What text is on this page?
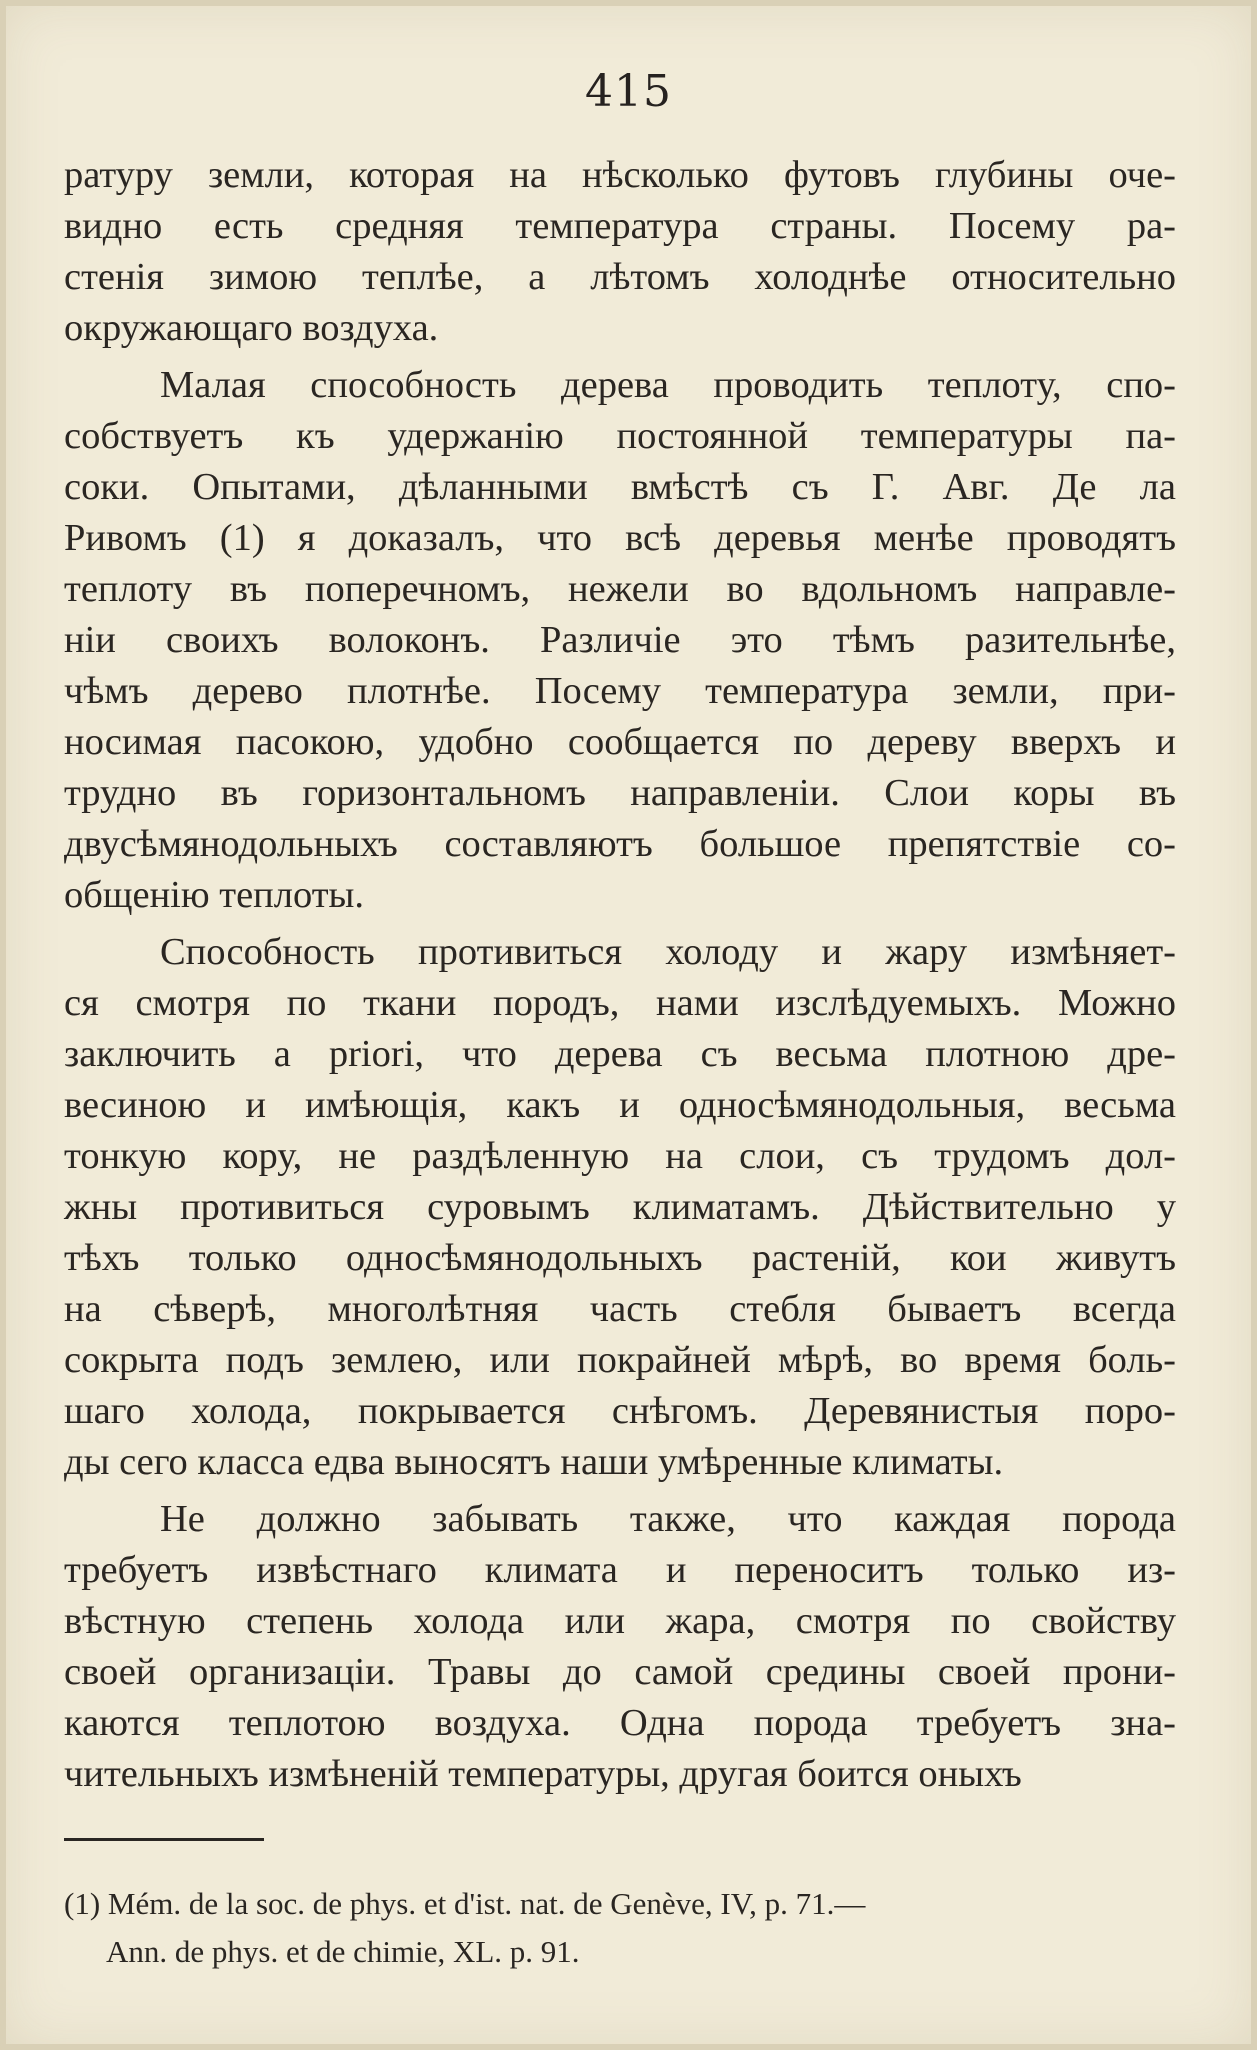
415
ратуру земли, которая на нѣсколько футовъ глубины оче-
видно есть средняя температура страны. Посему ра-
стенія зимою теплѣе, а лѣтомъ холоднѣе относительно
окружающаго воздуха.
Малая способность дерева проводить теплоту, спо-
собствуетъ къ удержанію постоянной температуры па-
соки. Опытами, дѣланными вмѣстѣ съ Г. Авг. Де ла
Ривомъ (1) я доказалъ, что всѣ деревья менѣе проводятъ
теплоту въ поперечномъ, нежели во вдольномъ направле-
ніи своихъ волоконъ. Различіе это тѣмъ разительнѣе,
чѣмъ дерево плотнѣе. Посему температура земли, при-
носимая пасокою, удобно сообщается по дереву вверхъ и
трудно въ горизонтальномъ направленіи. Слои коры въ
двусѣмянодольныхъ составляютъ большое препятствіе со-
общенію теплоты.
Способность противиться холоду и жару измѣняет-
ся смотря по ткани породъ, нами изслѣдуемыхъ. Можно
заключить а priori, что дерева съ весьма плотною дре-
весиною и имѣющія, какъ и односѣмянодольныя, весьма
тонкую кору, не раздѣленную на слои, съ трудомъ дол-
жны противиться суровымъ климатамъ. Дѣйствительно у
тѣхъ только односѣмянодольныхъ растеній, кои живутъ
на сѣверѣ, многолѣтняя часть стебля бываетъ всегда
сокрыта подъ землею, или покрайней мѣрѣ, во время боль-
шаго холода, покрывается снѣгомъ. Деревянистыя поро-
ды сего класса едва выносятъ наши умѣренные климаты.
Не должно забывать также, что каждая порода
требуетъ извѣстнаго климата и переноситъ только из-
вѣстную степень холода или жара, смотря по свойству
своей организаціи. Травы до самой средины своей прони-
каются теплотою воздуха. Одна порода требуетъ зна-
чительныхъ измѣненій температуры, другая боится оныхъ
(1) Mém. de la soc. de phys. et d'ist. nat. de Genève, IV, p. 71.—
Ann. de phys. et de chimie, XL. p. 91.
